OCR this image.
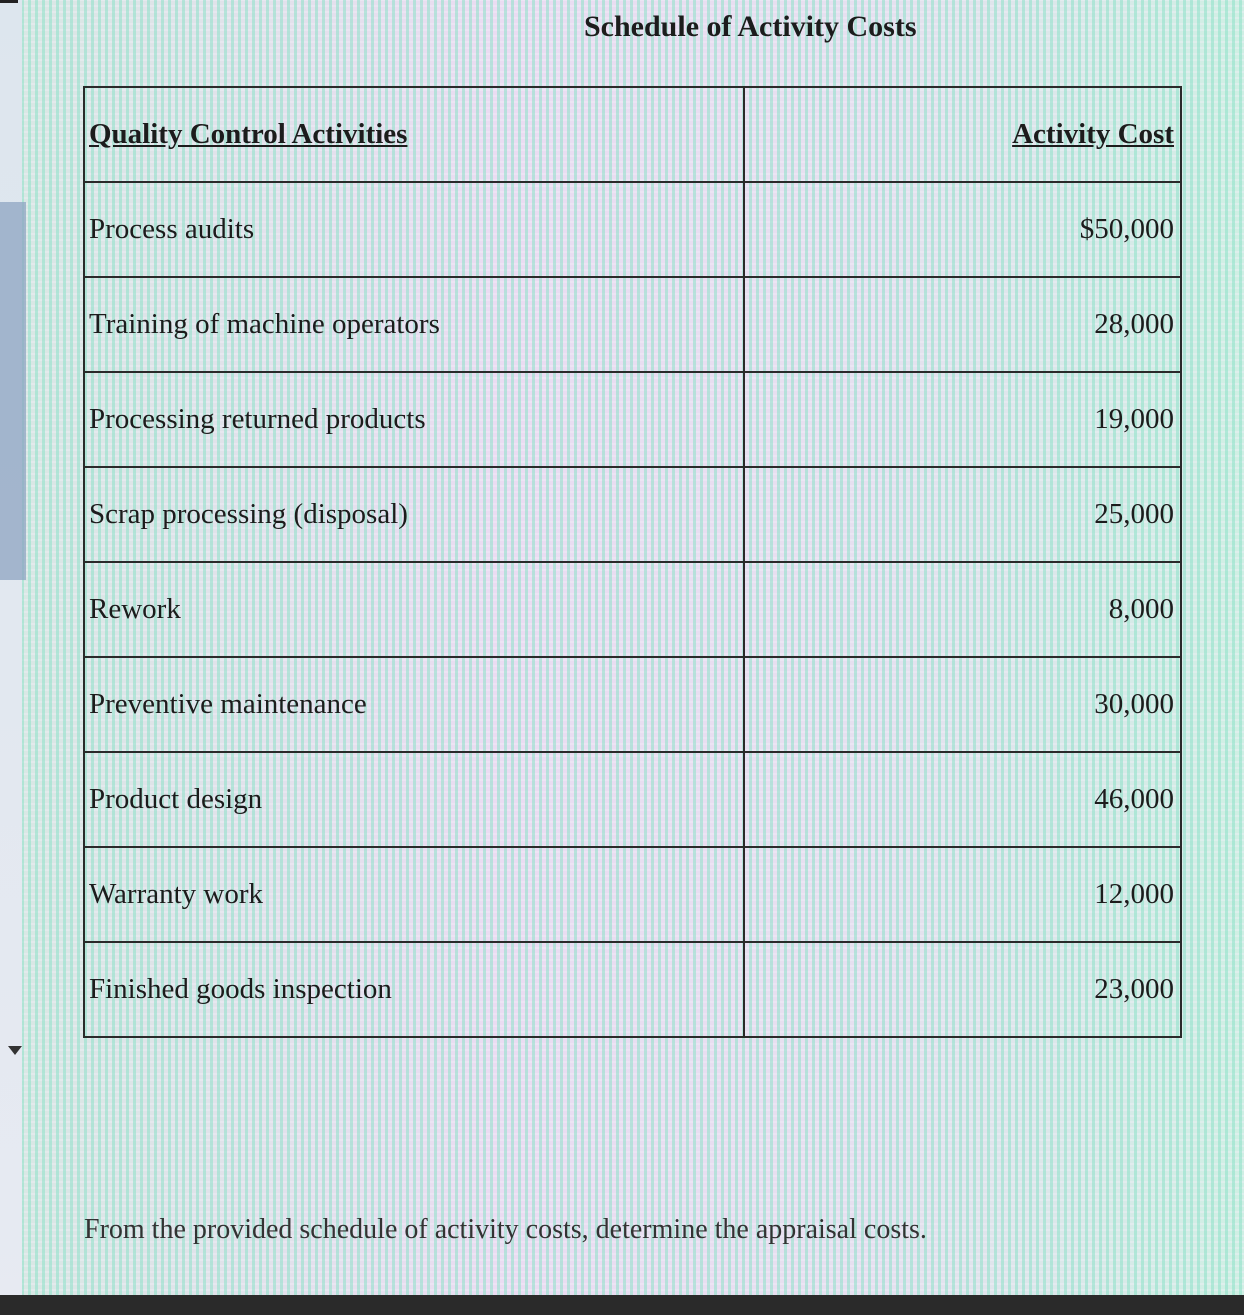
Schedule of Activity Costs
Quality Control Activities	Activity Cost
Process audits	$50,000
Training of machine operators	28,000
Processing returned products	19,000
Scrap processing (disposal)	25,000
Rework	8,000
Preventive maintenance	30,000
Product design	46,000
Warranty work	12,000
Finished goods inspection	23,000
From the provided schedule of activity costs, determine the appraisal costs.
